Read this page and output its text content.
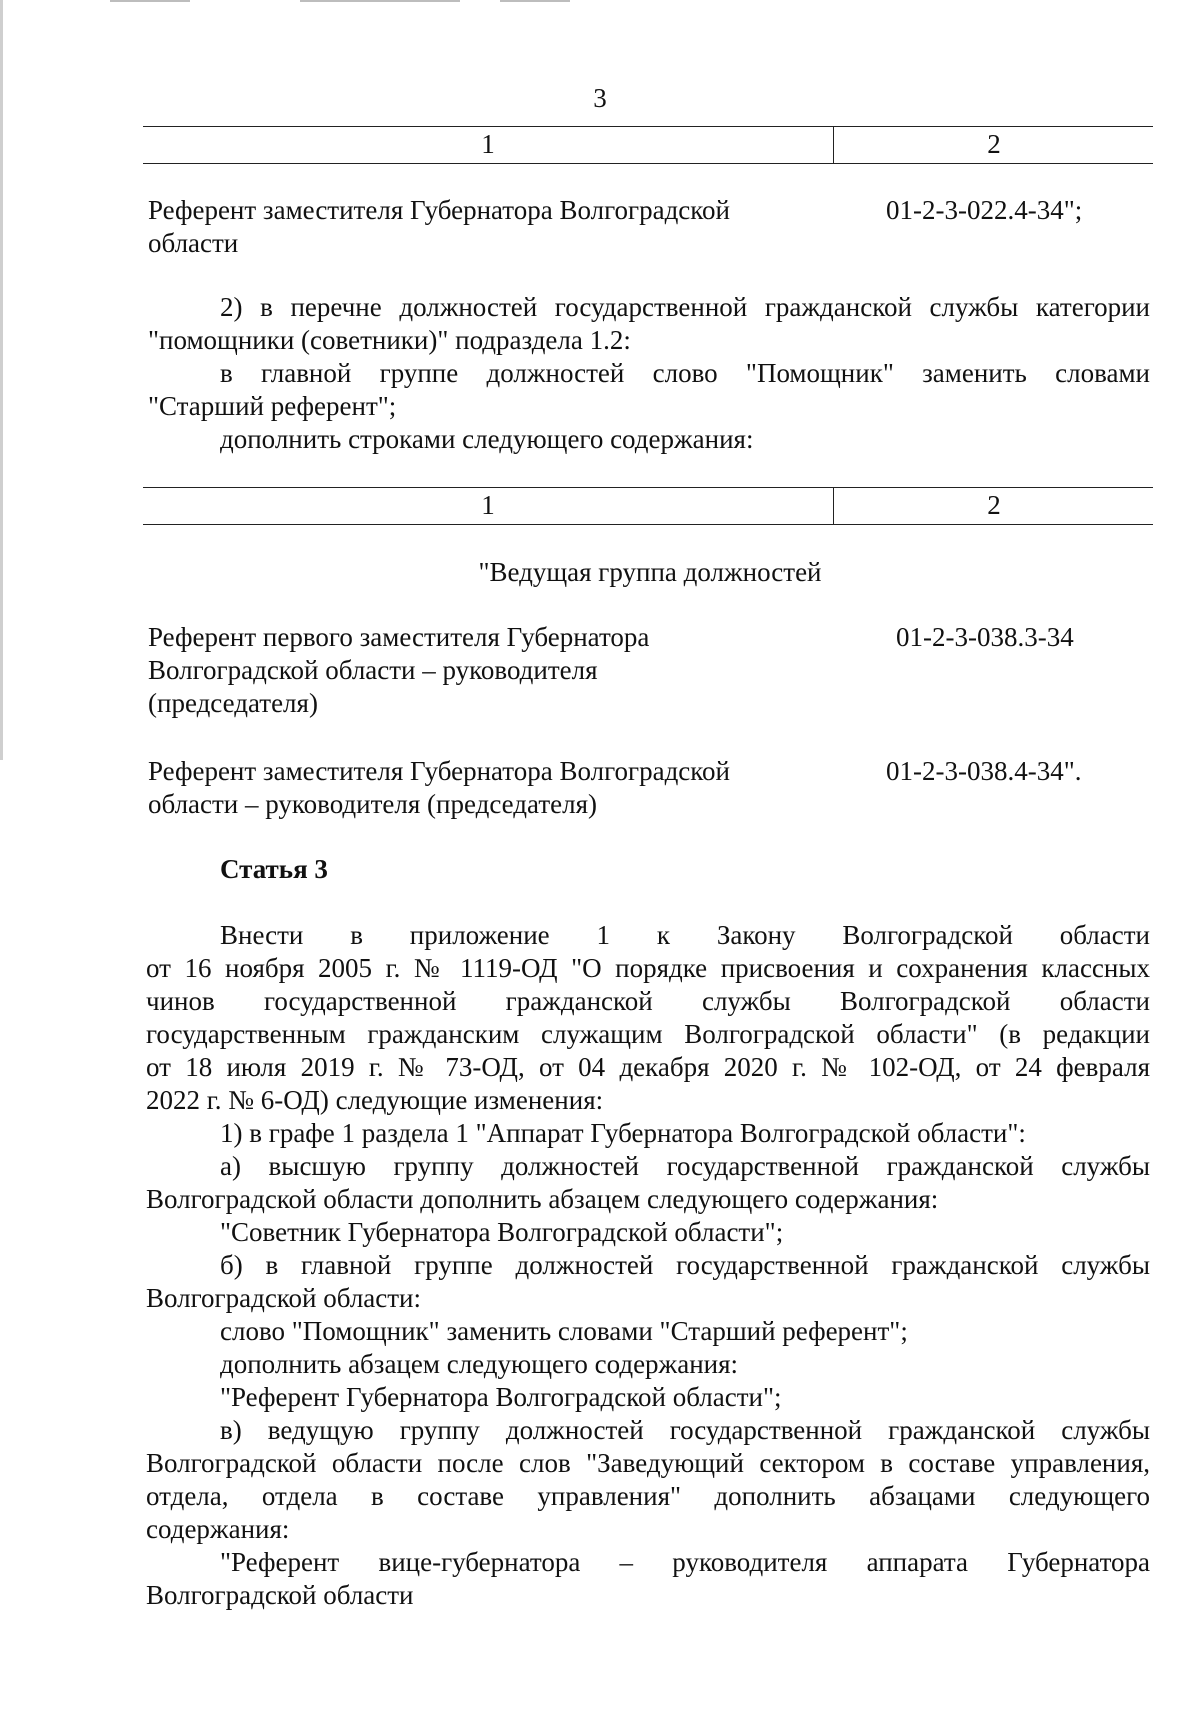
3
1	2
Референт заместителя Губернатора Волгоградской
области
01-2-3-022.4-34";
2) в перечне должностей государственной гражданской службы категории
"помощники (советники)" подраздела 1.2:
в главной группе должностей слово "Помощник" заменить словами
"Старший референт";
дополнить строками следующего содержания:
1	2
"Ведущая группа должностей
Референт первого заместителя Губернатора
Волгоградской области – руководителя
(председателя)
01-2-3-038.3-34
Референт заместителя Губернатора Волгоградской
области – руководителя (председателя)
01-2-3-038.4-34".
Статья 3
Внести в приложение 1 к Закону Волгоградской области
от 16 ноября 2005 г. № 1119-ОД "О порядке присвоения и сохранения классных
чинов государственной гражданской службы Волгоградской области
государственным гражданским служащим Волгоградской области" (в редакции
от 18 июля 2019 г. № 73-ОД, от 04 декабря 2020 г. № 102-ОД, от 24 февраля
2022 г. № 6-ОД) следующие изменения:
1) в графе 1 раздела 1 "Аппарат Губернатора Волгоградской области":
а) высшую группу должностей государственной гражданской службы
Волгоградской области дополнить абзацем следующего содержания:
"Советник Губернатора Волгоградской области";
б) в главной группе должностей государственной гражданской службы
Волгоградской области:
слово "Помощник" заменить словами "Старший референт";
дополнить абзацем следующего содержания:
"Референт Губернатора Волгоградской области";
в) ведущую группу должностей государственной гражданской службы
Волгоградской области после слов "Заведующий сектором в составе управления,
отдела, отдела в составе управления" дополнить абзацами следующего
содержания:
"Референт вице-губернатора – руководителя аппарата Губернатора
Волгоградской области
